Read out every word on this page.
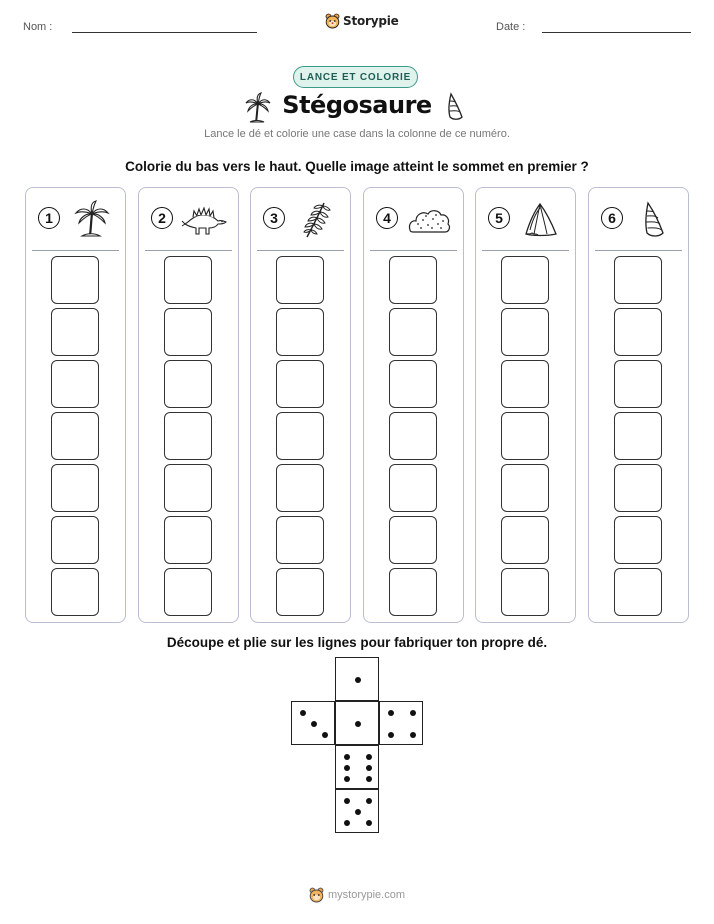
Nom :	Storypie	Date :
LANCE ET COLORIE
Stégosaure
Lance le dé et colorie une case dans la colonne de ce numéro.
Colorie du bas vers le haut. Quelle image atteint le sommet en premier ?
1	2	3	4	5	6
Découpe et plie sur les lignes pour fabriquer ton propre dé.
mystorypie.com
